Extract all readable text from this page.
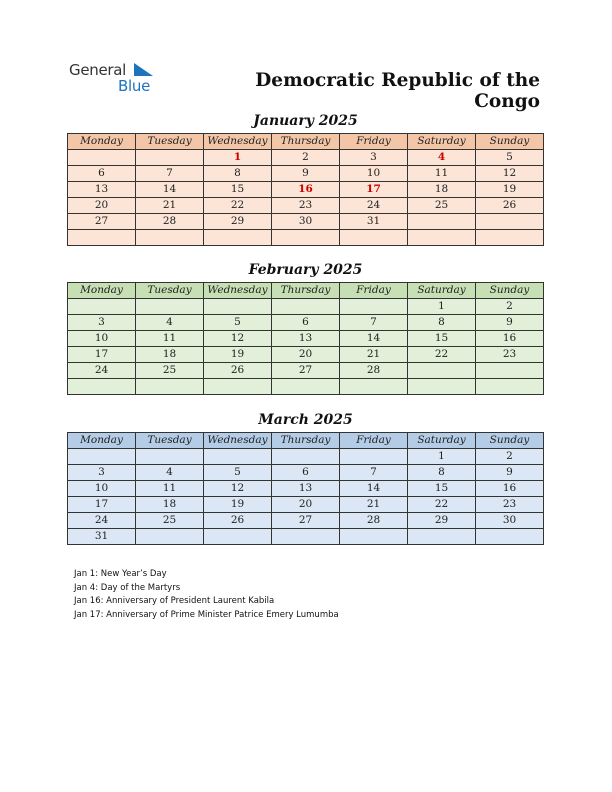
General
Blue	Democratic Republic of the Congo
January 2025
Monday	Tuesday	Wednesday	Thursday	Friday	Saturday	Sunday
		1	2	3	4	5
6	7	8	9	10	11	12
13	14	15	16	17	18	19
20	21	22	23	24	25	26
27	28	29	30	31		

February 2025
Monday	Tuesday	Wednesday	Thursday	Friday	Saturday	Sunday
					1	2
3	4	5	6	7	8	9
10	11	12	13	14	15	16
17	18	19	20	21	22	23
24	25	26	27	28		

March 2025
Monday	Tuesday	Wednesday	Thursday	Friday	Saturday	Sunday
					1	2
3	4	5	6	7	8	9
10	11	12	13	14	15	16
17	18	19	20	21	22	23
24	25	26	27	28	29	30
31						
Jan 1: New Year’s Day
Jan 4: Day of the Martyrs
Jan 16: Anniversary of President Laurent Kabila
Jan 17: Anniversary of Prime Minister Patrice Emery Lumumba
